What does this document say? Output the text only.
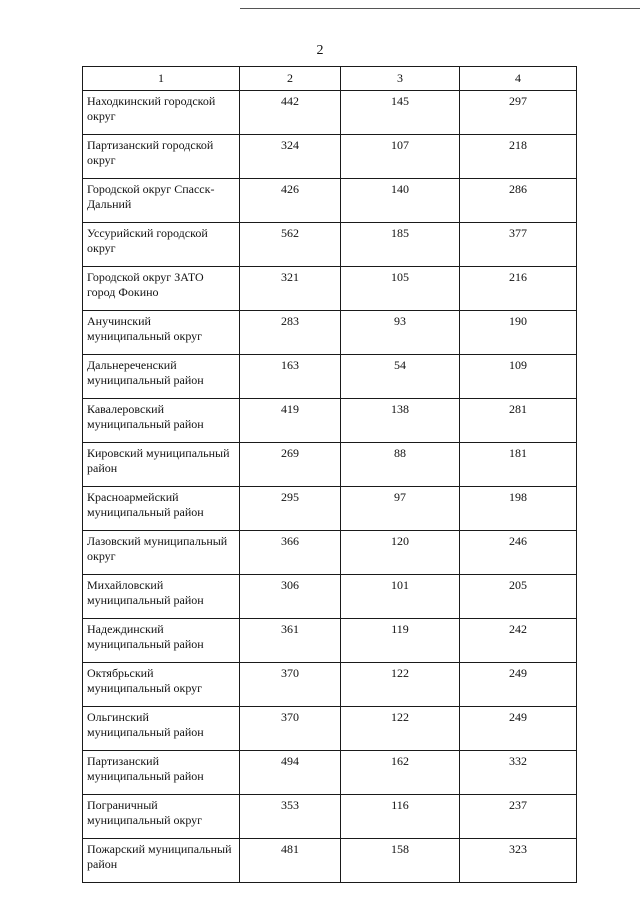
2
1	2	3	4
Находкинский городской округ	442	145	297
Партизанский городской округ	324	107	218
Городской округ Спасск-Дальний	426	140	286
Уссурийский городской округ	562	185	377
Городской округ ЗАТО город Фокино	321	105	216
Анучинский муниципальный округ	283	93	190
Дальнереченский муниципальный район	163	54	109
Кавалеровский муниципальный район	419	138	281
Кировский муниципальный район	269	88	181
Красноармейский муниципальный район	295	97	198
Лазовский муниципальный округ	366	120	246
Михайловский муниципальный район	306	101	205
Надеждинский муниципальный район	361	119	242
Октябрьский муниципальный округ	370	122	249
Ольгинский муниципальный район	370	122	249
Партизанский муниципальный район	494	162	332
Пограничный муниципальный округ	353	116	237
Пожарский муниципальный район	481	158	323
